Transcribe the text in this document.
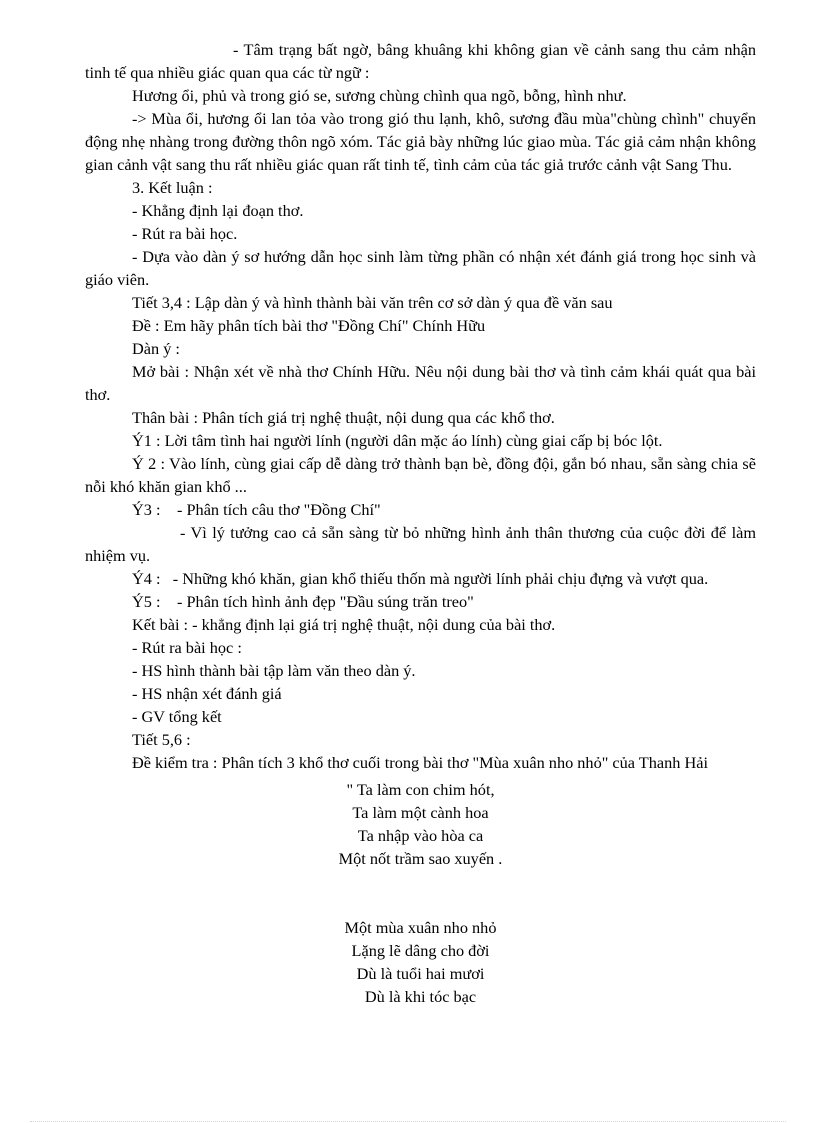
- Tâm trạng bất ngờ, bâng khuâng khi không gian về cảnh sang thu cảm nhận tinh tế qua nhiều giác quan qua các từ ngữ :

Hương ổi, phủ và trong gió se, sương chùng chình qua ngõ, bỗng, hình như.

-> Mùa ổi, hương ổi lan tỏa vào trong gió thu lạnh, khô, sương đầu mùa"chùng chình" chuyển động nhẹ nhàng trong đường thôn ngõ xóm. Tác giả bày những lúc giao mùa. Tác giả cảm nhận không gian cảnh vật sang thu rất nhiều giác quan rất tinh tế, tình cảm của tác giả trước cảnh vật Sang Thu.

3. Kết luận :

- Khẳng định lại đoạn thơ.

- Rút ra bài học.

- Dựa vào dàn ý sơ hướng dẫn học sinh làm từng phần có nhận xét đánh giá trong học sinh và giáo viên.

Tiết 3,4 : Lập dàn ý và hình thành bài văn trên cơ sở dàn ý qua đề văn sau

Đề : Em hãy phân tích bài thơ "Đồng Chí" Chính Hữu

Dàn ý :

Mở bài : Nhận xét về nhà thơ Chính Hữu. Nêu nội dung bài thơ và tình cảm khái quát qua bài thơ.

Thân bài : Phân tích giá trị nghệ thuật, nội dung qua các khổ thơ.

Ý1 : Lời tâm tình hai người lính (người dân mặc áo lính) cùng giai cấp bị bóc lột.

Ý 2 : Vào lính, cùng giai cấp dễ dàng trở thành bạn bè, đồng đội, gắn bó nhau, sẵn sàng chia sẽ nỗi khó khăn gian khổ ...

Ý3 :	- Phân tích câu thơ "Đồng Chí"

- Vì lý tưởng cao cả sẵn sàng từ bỏ những hình ảnh thân thương của cuộc đời để làm nhiệm vụ.

Ý4 : - Những khó khăn, gian khổ thiếu thốn mà người lính phải chịu đựng và vượt qua.

Ý5 :	- Phân tích hình ảnh đẹp "Đầu súng trăn treo"

Kết bài : - khẳng định lại giá trị nghệ thuật, nội dung của bài thơ.

- Rút ra bài học :

- HS hình thành bài tập làm văn theo dàn ý.

- HS nhận xét đánh giá

- GV tổng kết

Tiết 5,6 :

Đề kiểm tra : Phân tích 3 khổ thơ cuối trong bài thơ "Mùa xuân nho nhỏ" của Thanh Hải

" Ta làm con chim hót,

Ta làm một cành hoa

Ta nhập vào hòa ca

Một nốt trầm sao xuyến .

Một mùa xuân nho nhỏ

Lặng lẽ dâng cho đời

Dù là tuổi hai mươi

Dù là khi tóc bạc
